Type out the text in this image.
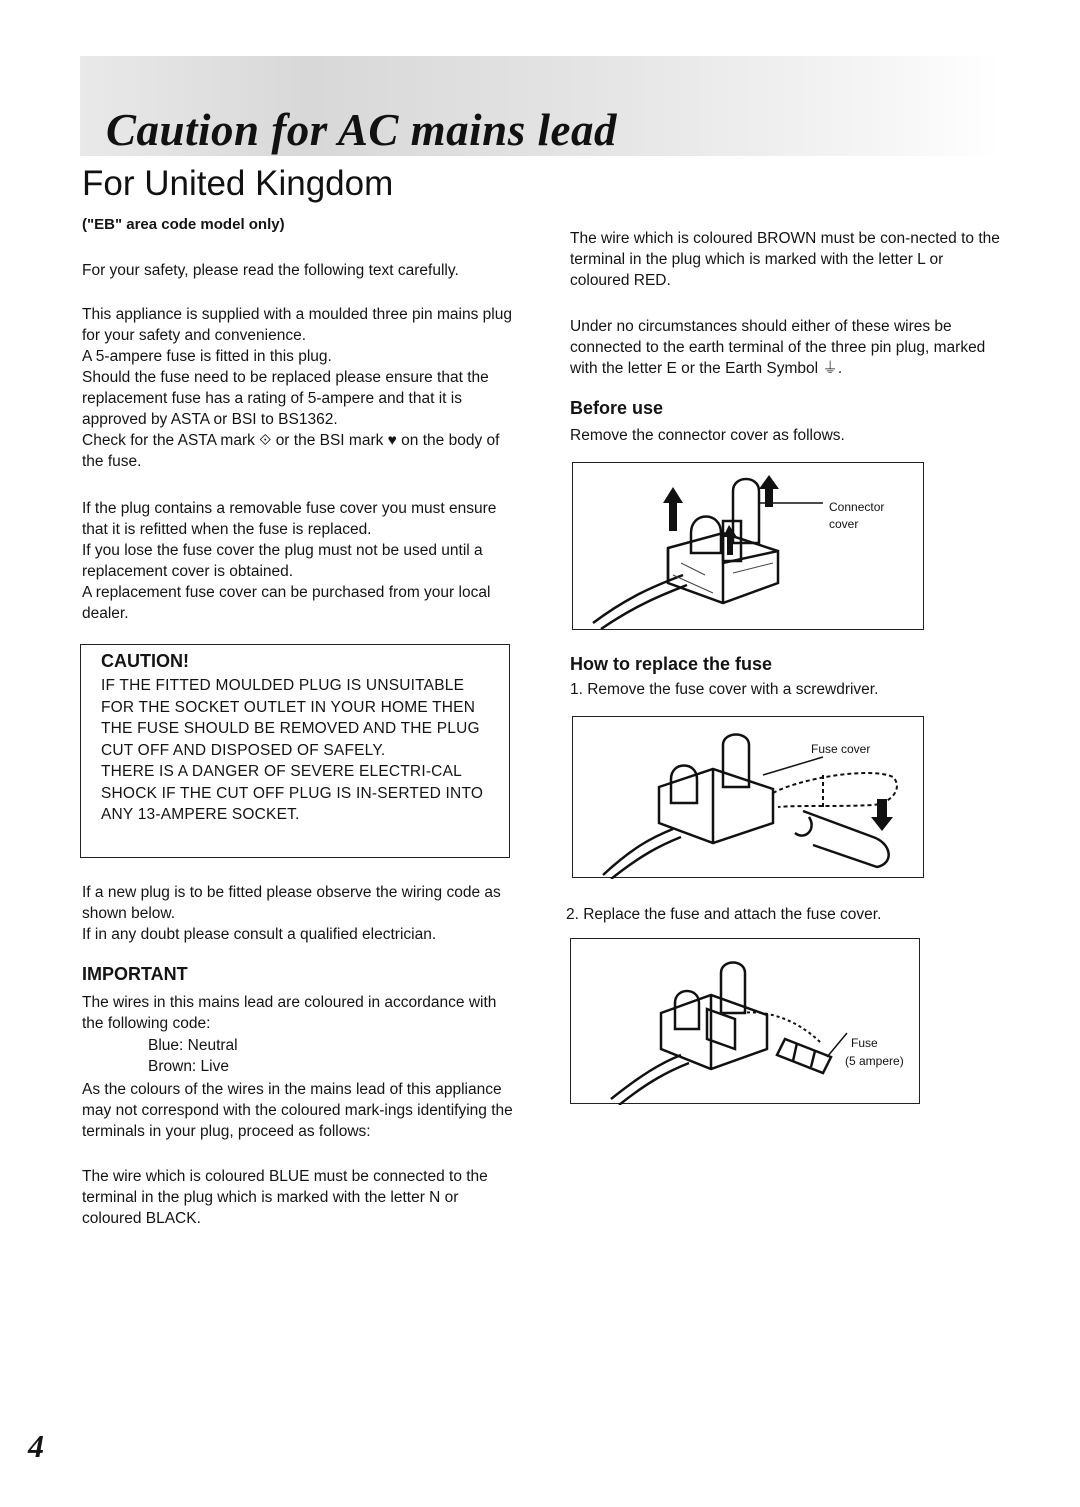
Caution for AC mains lead
For United Kingdom
("EB" area code model only)

For your safety, please read the following text carefully.

This appliance is supplied with a moulded three pin mains plug for your safety and convenience.

A 5-ampere fuse is fitted in this plug.

Should the fuse need to be replaced please ensure that the replacement fuse has a rating of 5-ampere and that it is approved by ASTA or BSI to BS1362.

Check for the ASTA mark ⟐ or the BSI mark ♥ on the body of the fuse.

If the plug contains a removable fuse cover you must ensure that it is refitted when the fuse is replaced.

If you lose the fuse cover the plug must not be used until a replacement cover is obtained.

A replacement fuse cover can be purchased from your local dealer.

CAUTION!

IF THE FITTED MOULDED PLUG IS UNSUITABLE FOR THE SOCKET OUTLET IN YOUR HOME THEN THE FUSE SHOULD BE REMOVED AND THE PLUG CUT OFF AND DISPOSED OF SAFELY.

THERE IS A DANGER OF SEVERE ELECTRI-CAL SHOCK IF THE CUT OFF PLUG IS IN-SERTED INTO ANY 13-AMPERE SOCKET.

If a new plug is to be fitted please observe the wiring code as shown below.

If in any doubt please consult a qualified electrician.

IMPORTANT

The wires in this mains lead are coloured in accordance with the following code:

Blue: Neutral
Brown: Live

As the colours of the wires in the mains lead of this appliance may not correspond with the coloured mark-ings identifying the terminals in your plug, proceed as follows:

The wire which is coloured BLUE must be connected to the terminal in the plug which is marked with the letter N or coloured BLACK.

The wire which is coloured BROWN must be con-nected to the terminal in the plug which is marked with the letter L or coloured RED.

Under no circumstances should either of these wires be connected to the earth terminal of the three pin plug, marked with the letter E or the Earth Symbol ⏚.

Before use

Remove the connector cover as follows.

Connector
cover
How to replace the fuse

1. Remove the fuse cover with a screwdriver.

Fuse cover

2. Replace the fuse and attach the fuse cover.

Fuse
(5 ampere)
4
